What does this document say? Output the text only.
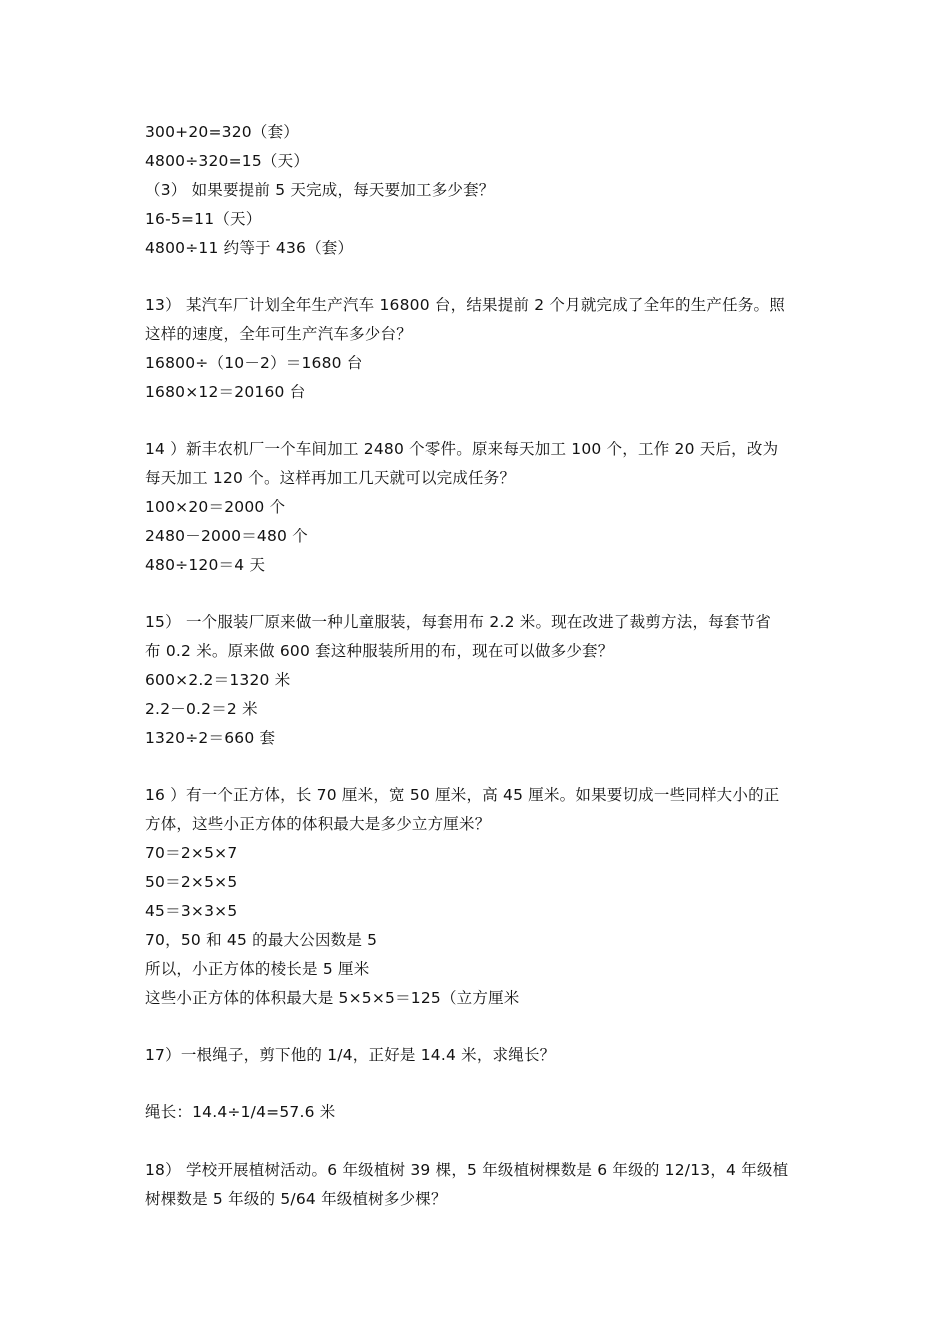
300+20=320（套）
4800÷320=15（天）
（3） 如果要提前 5 天完成，每天要加工多少套？
16-5=11（天）
4800÷11 约等于 436（套）
13） 某汽车厂计划全年生产汽车 16800 台，结果提前 2 个月就完成了全年的生产任务。照
这样的速度，全年可生产汽车多少台？
16800÷（10－2）＝1680 台
1680×12＝20160 台
14 ）新丰农机厂一个车间加工 2480 个零件。原来每天加工 100 个，工作 20 天后，改为
每天加工 120 个。这样再加工几天就可以完成任务？
100×20＝2000 个
2480－2000＝480 个
480÷120＝4 天
15） 一个服装厂原来做一种儿童服装，每套用布 2.2 米。现在改进了裁剪方法，每套节省
布 0.2 米。原来做 600 套这种服装所用的布，现在可以做多少套？
600×2.2＝1320 米
2.2－0.2＝2 米
1320÷2＝660 套
16 ）有一个正方体，长 70 厘米，宽 50 厘米，高 45 厘米。如果要切成一些同样大小的正
方体，这些小正方体的体积最大是多少立方厘米？
70＝2×5×7
50＝2×5×5
45＝3×3×5
70，50 和 45 的最大公因数是 5
所以，小正方体的棱长是 5 厘米
这些小正方体的体积最大是 5×5×5＝125（立方厘米
17）一根绳子，剪下他的 1/4，正好是 14.4 米，求绳长？
绳长：14.4÷1/4=57.6 米
18） 学校开展植树活动。6 年级植树 39 棵，5 年级植树棵数是 6 年级的 12/13，4 年级植
树棵数是 5 年级的 5/64 年级植树多少棵？
